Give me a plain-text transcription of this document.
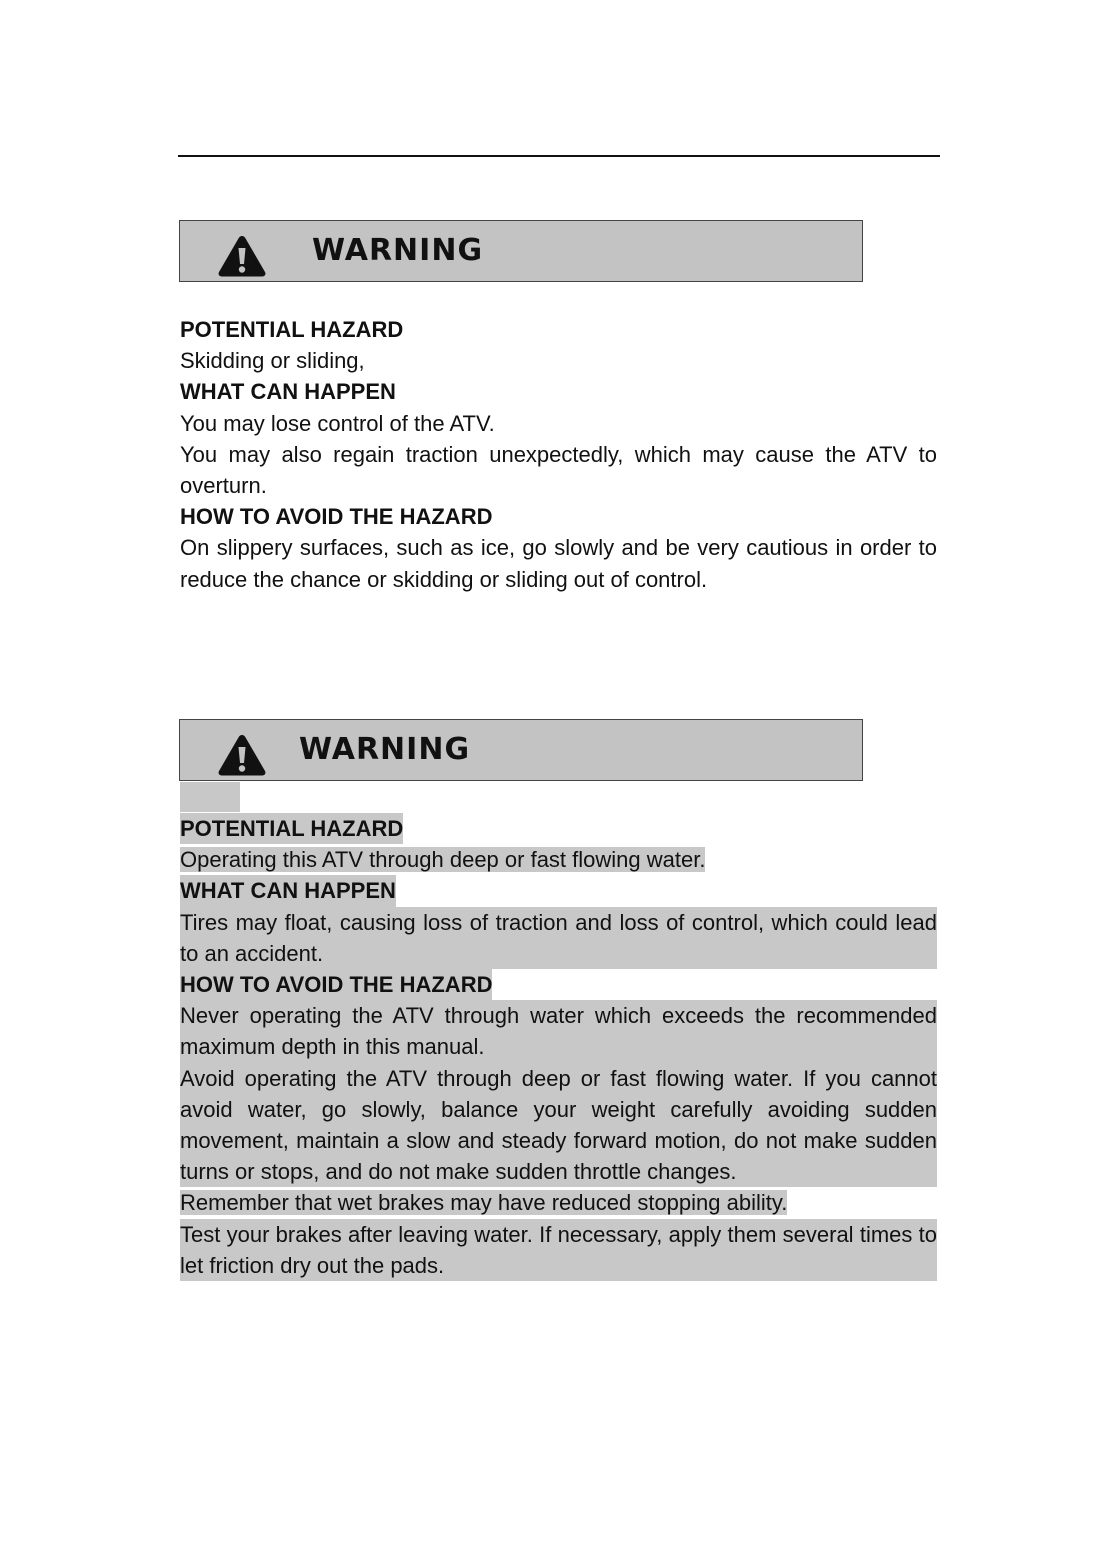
WARNING
POTENTIAL HAZARD

Skidding or sliding,

WHAT CAN HAPPEN

You may lose control of the ATV.

You may also regain traction unexpectedly, which may cause the ATV to overturn.

HOW TO AVOID THE HAZARD

On slippery surfaces, such as ice, go slowly and be very cautious in order to reduce the chance or skidding or sliding out of control.

WARNING
POTENTIAL HAZARD

Operating this ATV through deep or fast flowing water.

WHAT CAN HAPPEN

Tires may float, causing loss of traction and loss of control, which could lead to an accident.

HOW TO AVOID THE HAZARD

Never operating the ATV through water which exceeds the recommended maximum depth in this manual.

Avoid operating the ATV through deep or fast flowing water. If you cannot avoid water, go slowly, balance your weight carefully avoiding sudden movement, maintain a slow and steady forward motion, do not make sudden turns or stops, and do not make sudden throttle changes.

Remember that wet brakes may have reduced stopping ability.

Test your brakes after leaving water. If necessary, apply them several times to let friction dry out the pads.
